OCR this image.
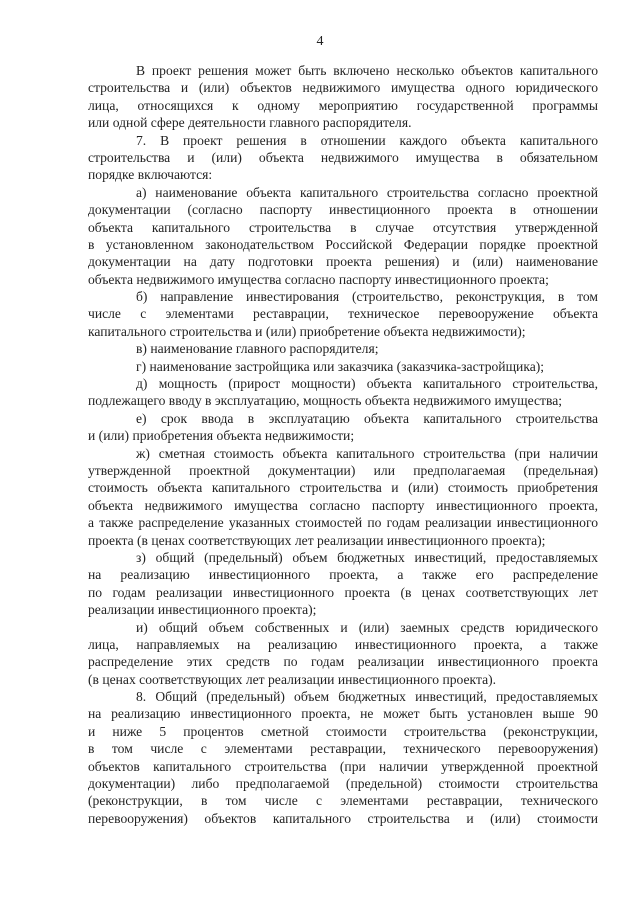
4
В проект решения может быть включено несколько объектов капитального
строительства и (или) объектов недвижимого имущества одного юридического
лица, относящихся к одному мероприятию государственной программы
или одной сфере деятельности главного распорядителя.
7. В проект решения в отношении каждого объекта капитального
строительства и (или) объекта недвижимого имущества в обязательном
порядке включаются:
а) наименование объекта капитального строительства согласно проектной
документации (согласно паспорту инвестиционного проекта в отношении
объекта капитального строительства в случае отсутствия утвержденной
в установленном законодательством Российской Федерации порядке проектной
документации на дату подготовки проекта решения) и (или) наименование
объекта недвижимого имущества согласно паспорту инвестиционного проекта;
б) направление инвестирования (строительство, реконструкция, в том
числе с элементами реставрации, техническое перевооружение объекта
капитального строительства и (или) приобретение объекта недвижимости);
в) наименование главного распорядителя;
г) наименование застройщика или заказчика (заказчика-застройщика);
д) мощность (прирост мощности) объекта капитального строительства,
подлежащего вводу в эксплуатацию, мощность объекта недвижимого имущества;
е) срок ввода в эксплуатацию объекта капитального строительства
и (или) приобретения объекта недвижимости;
ж) сметная стоимость объекта капитального строительства (при наличии
утвержденной проектной документации) или предполагаемая (предельная)
стоимость объекта капитального строительства и (или) стоимость приобретения
объекта недвижимого имущества согласно паспорту инвестиционного проекта,
а также распределение указанных стоимостей по годам реализации инвестиционного
проекта (в ценах соответствующих лет реализации инвестиционного проекта);
з) общий (предельный) объем бюджетных инвестиций, предоставляемых
на реализацию инвестиционного проекта, а также его распределение
по годам реализации инвестиционного проекта (в ценах соответствующих лет
реализации инвестиционного проекта);
и) общий объем собственных и (или) заемных средств юридического
лица, направляемых на реализацию инвестиционного проекта, а также
распределение этих средств по годам реализации инвестиционного проекта
(в ценах соответствующих лет реализации инвестиционного проекта).
8. Общий (предельный) объем бюджетных инвестиций, предоставляемых
на реализацию инвестиционного проекта, не может быть установлен выше 90
и ниже 5 процентов сметной стоимости строительства (реконструкции,
в том числе с элементами реставрации, технического перевооружения)
объектов капитального строительства (при наличии утвержденной проектной
документации) либо предполагаемой (предельной) стоимости строительства
(реконструкции, в том числе с элементами реставрации, технического
перевооружения) объектов капитального строительства и (или) стоимости
